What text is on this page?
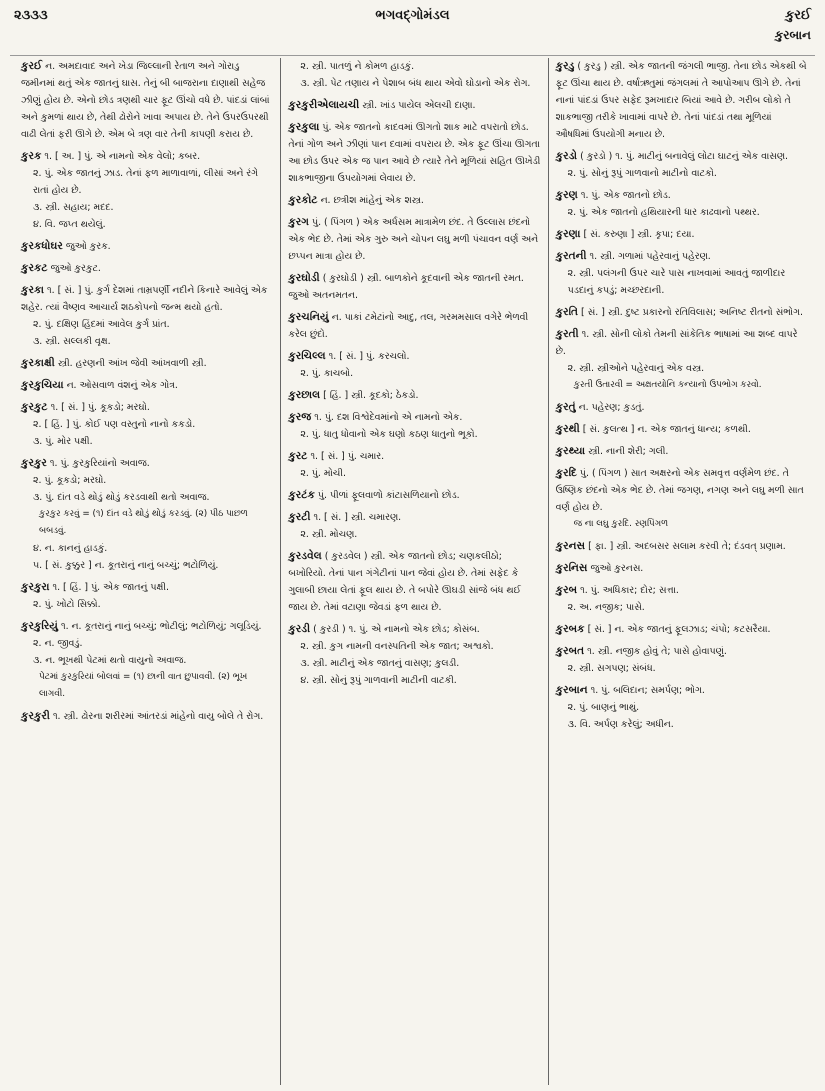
૨૩૩૩	ભગવદ્ગોમંડલ	કુરઈ
કુરબાન
કુરઈ ન. અમદાવાદ અને ખેડા જિલ્લાની રેતાળ અને ગોરાડુ જમીનમાં થતું એક જાતનું ઘાસ. તેનું બી બાજરાના દાણાથી સહેજ ઝીણું હોય છે. એનો છોડ ત્રણથી ચાર ફૂટ ઊંચો વધે છે. પાંદડાં લાંબાં અને કુમળાં થાય છે, તેથી ઢોરોને ખાવા અપાય છે. તેને ઉપરઉપરથી વાઢી લેતાં ફરી ઊગે છે. એમ બે ત્રણ વાર તેની કાપણી કરાય છે.
કુરક ૧. [ અ. ] પું. એ નામનો એક વેલો; કબર.
૨. પું. એક જાતનું ઝાડ. તેનાં ફળ માળાવાળાં, લીસાં અને રંગે રાતાં હોય છે.
૩. સ્ત્રી. સહાય; મદદ.
૪. વિ. જપ્ત થયેલું.
કુરકધોઘર જુઓ કુરક.
કુરકટ જુઓ કુરકુટ.
કુરકા ૧. [ સં. ] પું. કુર્ગ દેશમાં તામ્રપર્ણી નદીને કિનારે આવેલું એક શહેર. ત્યાં વૈષ્ણવ આચાર્ય શઠકોપનો જન્મ થયો હતો.
૨. પું. દક્ષિણ હિંદમાં આવેલ કુર્ગ પ્રાંત.
૩. સ્ત્રી. સલ્લકી વૃક્ષ.
કુરકાક્ષી સ્ત્રી. હરણની આંખ જેવી આંખવાળી સ્ત્રી.
કુરકુચિયા ન. ઓસવાળ વંશનું એક ગોત્ર.
કુરકુટ ૧. [ સં. ] પું. કૂકડો; મરઘો.
૨. [ હિં. ] પું. કોઈ પણ વસ્તુનો નાનો કકડો.
૩. પું. મોર પક્ષી.
કુરકુર ૧. પું. કુરકુરિયાંનો અવાજ.
૨. પું. કૂકડો; મરઘો.
૩. પું. દાંત વડે થોડું થોડું કરડવાથી થતો અવાજ.
કુરકુર કરવું = (૧) દાંત વડે થોડું થોડું કરડવું. (૨) પીઠ પાછળ બબડવું.
૪. ન. કાનનું હાડકું.
૫. [ સં. કુક્કુર ] ન. કૂતરાનું નાનું બચ્ચું; ભટોળિયું.
કુરકુરા ૧. [ હિં. ] પું. એક જાતનું પક્ષી.
૨. પું. ખોટો સિક્કો.
કુરકુરિયું ૧. ન. કૂતરાનું નાનું બચ્ચું; ભોટીલું; ભટોળિયું; ગલૂડિયું.
૨. ન. જીવડું.
૩. ન. ભૂખથી પેટમાં થતો વાયુનો અવાજ.
પેટમાં કુરકુરિયાં બોલવાં = (૧) છાની વાત છુપાવવી. (૨) ભૂખ લાગવી.
કુરકુરી ૧. સ્ત્રી. ઢોરના શરીરમાં આંતરડાં માંહેનો વાયુ બોલે તે રોગ.
૨. સ્ત્રી. પાતળું ને કોમળ હાડકું.
૩. સ્ત્રી. પેટ તણાય ને પેશાબ બંધ થાય એવો ઘોડાનો એક રોગ.
કુરકુરીએલાયચી સ્ત્રી. ખાંડ પાયેલ એલચી દાણા.
કુરકુલા પું. એક જાતનો કાદવમાં ઊગતો શાક માટે વપરાતો છોડ. તેનાં ગોળ અને ઝીણાં પાન દવામાં વપરાય છે. એક ફૂટ ઊંચા ઊગતા આ છોડ ઉપર એક જ પાન આવે છે ત્યારે તેને મૂળિયાં સહિત ઊખેડી શાકભાજીના ઉપયોગમાં લેવાય છે.
કુરકોટ ન. છત્રીશ માંહેનું એક શસ્ત્ર.
કુરગ પું. ( પિંગળ ) એક અર્ધસમ માત્રામેળ છંદ. તે ઉલ્લાસ છંદનો એક ભેદ છે. તેમાં એક ગુરુ અને ચોપન લઘુ મળી પંચાવન વર્ણ અને છપ્પન માત્રા હોય છે.
કુરઘોડી ( કુરઘોડી ) સ્ત્રી. બાળકોને કૂદવાની એક જાતની રમત. જુઓ અતનમતન.
કુરચનિયું ન. પાકાં ટમેટાંનો આદુ, તલ, ગરમમસાલ વગેરે ભેળવી કરેલ છુંદો.
કુરચિલ્લ ૧. [ સં. ] પું. કરચલો.
૨. પું. કાચબો.
કુરછાલ [ હિં. ] સ્ત્રી. કૂદકો; ઠેકડો.
કુરજ ૧. પું. દશ વિશ્વેદેવમાંનો એ નામનો એક.
૨. પું. ધાતુ ધોવાનો એક ઘણો કઠણ ધાતુનો ભૂકો.
કુરટ ૧. [ સં. ] પું. ચમાર.
૨. પું. મોચી.
કુરટંક પું. પીળાં ફૂલવાળો કાંટાસળિયાનો છોડ.
કુરટી ૧. [ સં. ] સ્ત્રી. ચમારણ.
૨. સ્ત્રી. મોચણ.
કુરડવેલ ( કુરડવેલ ) સ્ત્રી. એક જાતનો છોડ; ચણકલીઠો; બખોરિયો. તેનાં પાન ગંગેટીનાં પાન જેવાં હોય છે. તેમાં સફેદ કે ગુલાબી છાયા લેતાં ફૂલ થાય છે. તે બપોરે ઊઘડી સાંજે બંધ થઈ જાય છે. તેમાં વટાણા જેવડાં ફળ થાય છે.
કુરડી ( કુરડી ) ૧. પું. એ નામનો એક છોડ; કોસંબ.
૨. સ્ત્રી. કુગ નામની વનસ્પતિની એક જાત; અશ્વકો.
૩. સ્ત્રી. માટીનું એક જાતનું વાસણ; કુલડી.
૪. સ્ત્રી. સોનું રૂપું ગાળવાની માટીની વાટકી.
કુરડુ ( કુરડુ ) સ્ત્રી. એક જાતની જંગલી ભાજી. તેના છોડ એકથી બે ફૂટ ઊંચા થાય છે. વર્ષાઋતુમાં જંગલમાં તે આપોઆપ ઊગે છે. તેનાં નાનાં પાંદડાં ઉપર સફેદ રૂમખાદાર બિયાં આવે છે. ગરીબ લોકો તે શાકભાજી તરીકે ખાવામાં વાપરે છે. તેનાં પાંદડાં તથા મૂળિયાં ઔષધિમાં ઉપયોગી મનાય છે.
કુરડો ( કુરડો ) ૧. પું. માટીનું બનાવેલું લોટા ઘાટનું એક વાસણ.
૨. પું. સોનું રૂપું ગાળવાનો માટીનો વાટકો.
કુરણ ૧. પું. એક જાતનો છોડ.
૨. પું. એક જાતનો હથિયારની ધાર કાઢવાનો પથ્થર.
કુરણા [ સં. કરુણા ] સ્ત્રી. કૃપા; દયા.
કુરતની ૧. સ્ત્રી. ગળામાં પહેરવાનું પહેરણ.
૨. સ્ત્રી. પલંગની ઉપર ચારે પાસ નાખવામાં આવતું જાળીદાર પડદાનું કપડું; મચ્છરદાની.
કુરતિ [ સં. ] સ્ત્રી. દુષ્ટ પ્રકારનો રતિવિલાસ; અનિષ્ટ રીતનો સંભોગ.
કુરતી ૧. સ્ત્રી. સોની લોકો તેમની સાંકેતિક ભાષામાં આ શબ્દ વાપરે છે.
૨. સ્ત્રી. સ્ત્રીઓને પહેરવાનું એક વસ્ત્ર.
કુરતી ઉતારવી = અક્ષતયોનિ કન્યાનો ઉપભોગ કરવો.
કુરતું ન. પહેરણ; કુડતું.
કુરથી [ સં. કુલત્થ ] ન. એક જાતનું ધાન્ય; કળથી.
કુરથ્યા સ્ત્રી. નાની શેરી; ગલી.
કુરદિ પું. ( પિંગળ ) સાત અક્ષરનો એક સમવૃત્ત વર્ણમેળ છંદ. તે ઉષ્ણિક છંદનો એક ભેદ છે. તેમાં જગણ, નગણ અને લઘુ મળી સાત વર્ણ હોય છે.
જ ના લઘુ કુરદિ. રણપિંગળ
કુરનસ [ ફા. ] સ્ત્રી. અદબસર સલામ કરવી તે; દંડવત્ પ્રણામ.
કુરનિસ જુઓ કુરનસ.
કુરબ ૧. પું. અધિકાર; દોર; સત્તા.
૨. અ. નજીક; પાસે.
કુરબક [ સં. ] ન. એક જાતનું ફૂલઝાડ; ચંપો; કટસરૈયા.
કુરબત ૧. સ્ત્રી. નજીક હોવું તે; પાસે હોવાપણું.
૨. સ્ત્રી. સગપણ; સંબંધ.
કુરબાન ૧. પું. બલિદાન; સમર્પણ; ભોગ.
૨. પું. બાણનું ભાથું.
૩. વિ. અર્પણ કરેલું; અધીન.
